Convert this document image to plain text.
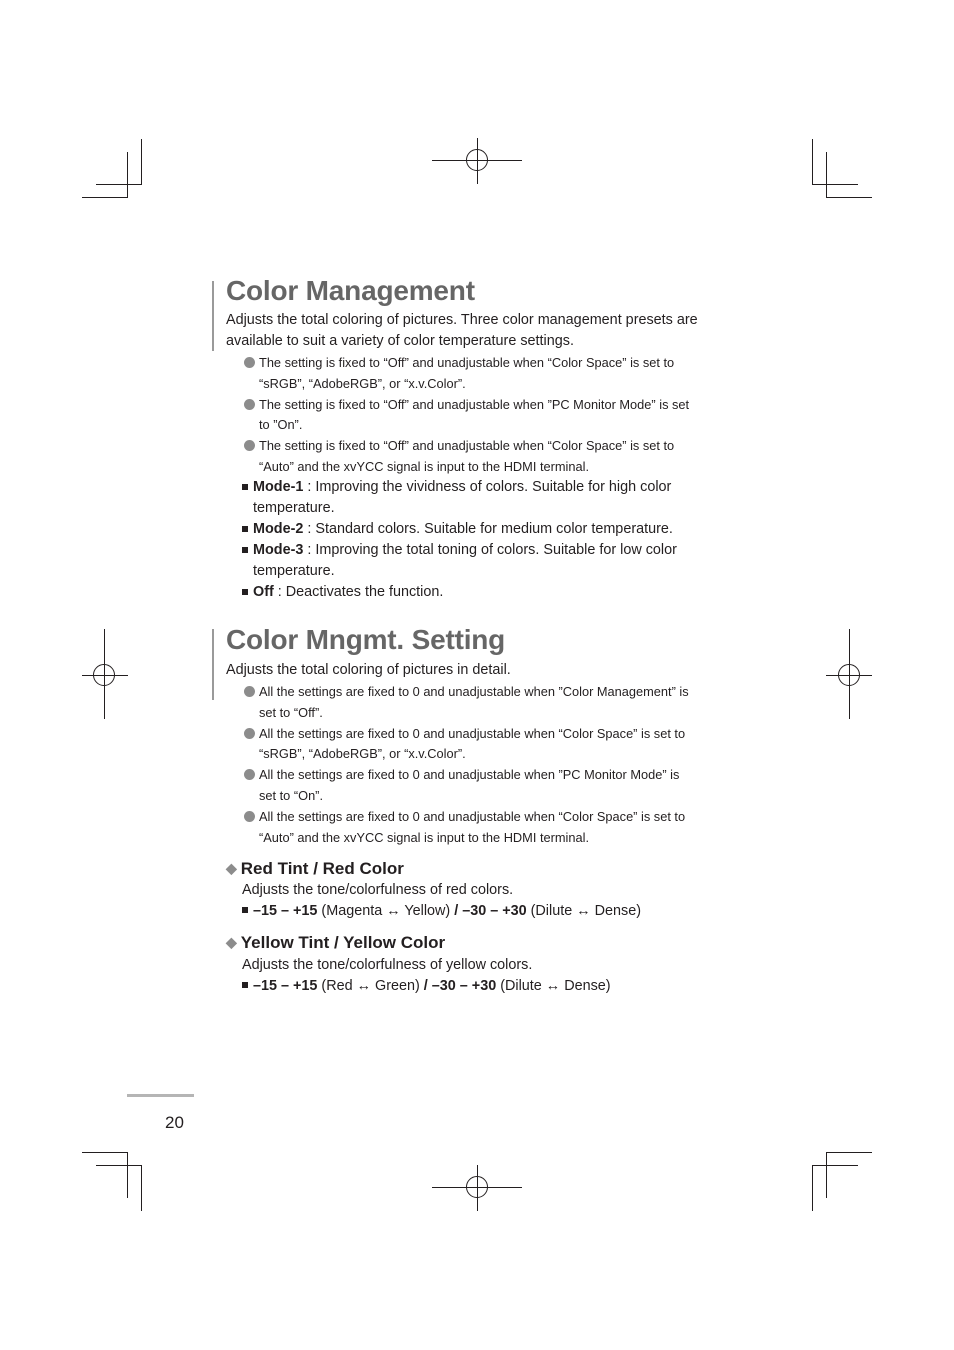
Color Management

Adjusts the total coloring of pictures. Three color management presets are
available to suit a variety of color temperature settings.

The setting is fixed to “Off” and unadjustable when “Color Space” is set to
“sRGB”, “AdobeRGB”, or “x.v.Color”.
The setting is fixed to “Off” and unadjustable when ”PC Monitor Mode” is set
to ”On”.
The setting is fixed to “Off” and unadjustable when “Color Space” is set to
“Auto” and the xvYCC signal is input to the HDMI terminal.
Mode-1 : Improving the vividness of colors. Suitable for high color
temperature.
Mode-2 : Standard colors. Suitable for medium color temperature.
Mode-3 : Improving the total toning of colors. Suitable for low color
temperature.
Off : Deactivates the function.
Color Mngmt. Setting

Adjusts the total coloring of pictures in detail.

All the settings are fixed to 0 and unadjustable when ”Color Management” is
set to “Off”.
All the settings are fixed to 0 and unadjustable when “Color Space” is set to
“sRGB”, “AdobeRGB”, or “x.v.Color”.
All the settings are fixed to 0 and unadjustable when ”PC Monitor Mode” is
set to “On”.
All the settings are fixed to 0 and unadjustable when “Color Space” is set to
“Auto” and the xvYCC signal is input to the HDMI terminal.
◆ Red Tint / Red Color

Adjusts the tone/colorfulness of red colors.

–15 – +15 (Magenta ↔ Yellow) / –30 – +30 (Dilute ↔ Dense)

◆ Yellow Tint / Yellow Color

Adjusts the tone/colorfulness of yellow colors.

–15 – +15 (Red ↔ Green) / –30 – +30 (Dilute ↔ Dense)

20
